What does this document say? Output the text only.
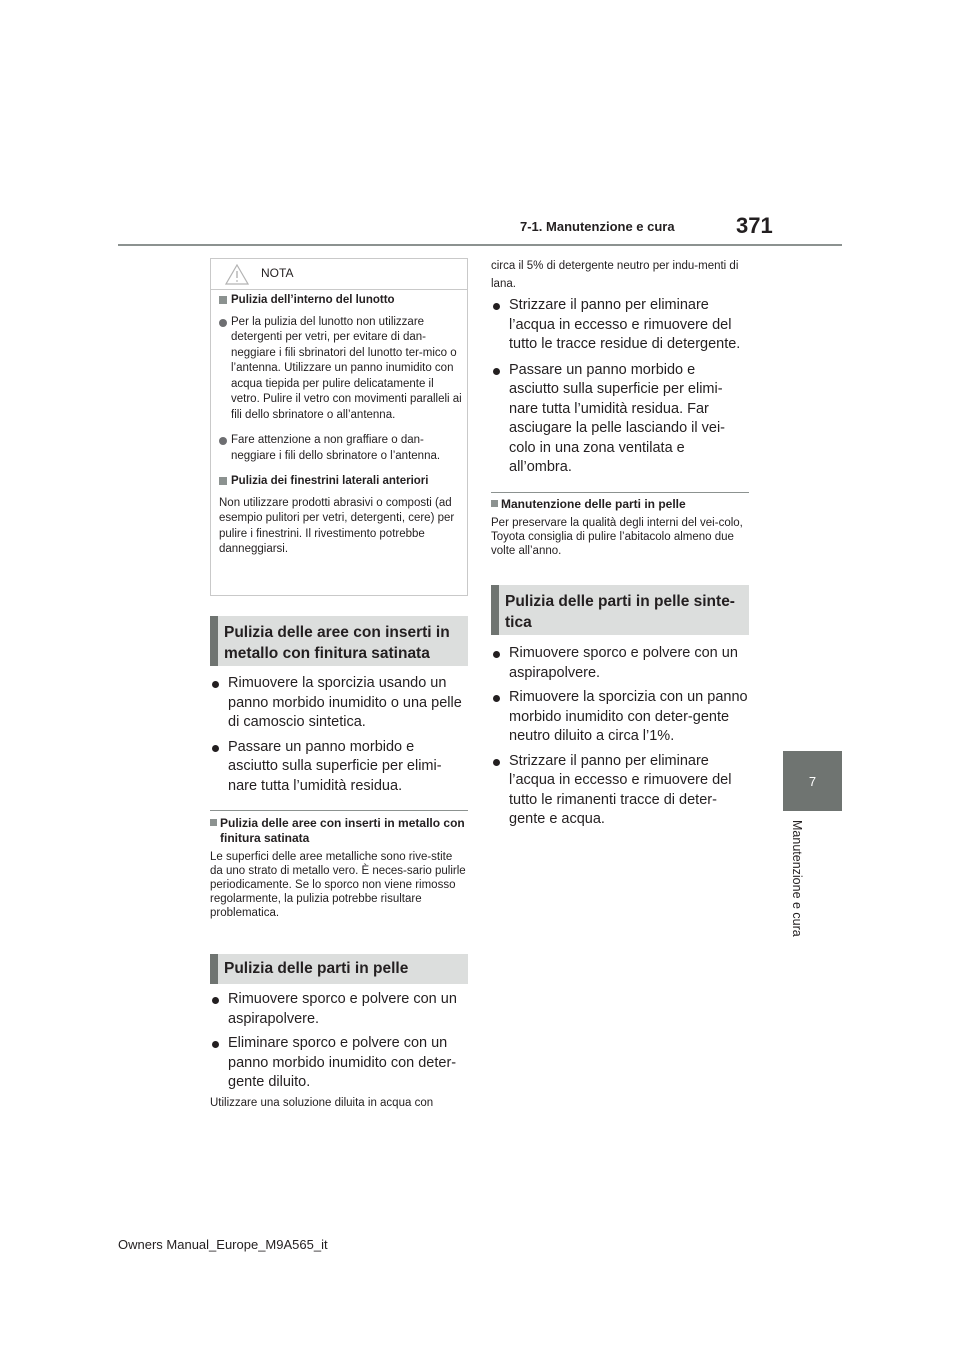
7-1. Manutenzione e cura	371
7
Manutenzione e cura
NOTA

Pulizia dell’interno del lunotto

Per la pulizia del lunotto non utilizzare detergenti per vetri, per evitare di dan-neggiare i fili sbrinatori del lunotto ter-mico o l’antenna. Utilizzare un panno inumidito con acqua tiepida per pulire delicatamente il vetro. Pulire il vetro con movimenti paralleli ai fili dello sbrinatore o all’antenna.

Fare attenzione a non graffiare o dan-neggiare i fili dello sbrinatore o l’antenna.

Pulizia dei finestrini laterali anteriori

Non utilizzare prodotti abrasivi o composti (ad esempio pulitori per vetri, detergenti, cere) per pulire i finestrini. Il rivestimento potrebbe danneggiarsi.

Pulizia delle aree con inserti in metallo con finitura satinata

Rimuovere la sporcizia usando un panno morbido inumidito o una pelle di camoscio sintetica.

Passare un panno morbido e asciutto sulla superficie per elimi-nare tutta l’umidità residua.

Pulizia delle aree con inserti in metallo con finitura satinata
Le superfici delle aree metalliche sono rive-stite da uno strato di metallo vero. È neces-sario pulirle periodicamente. Se lo sporco non viene rimosso regolarmente, la pulizia potrebbe risultare problematica.
Pulizia delle parti in pelle

Rimuovere sporco e polvere con un aspirapolvere.

Eliminare sporco e polvere con un panno morbido inumidito con deter-gente diluito.

Utilizzare una soluzione diluita in acqua con
circa il 5% di detergente neutro per indu-menti di lana.

Strizzare il panno per eliminare l’acqua in eccesso e rimuovere del tutto le tracce residue di detergente.

Passare un panno morbido e asciutto sulla superficie per elimi-nare tutta l’umidità residua. Far asciugare la pelle lasciando il vei-colo in una zona ventilata e all’ombra.

Manutenzione delle parti in pelle
Per preservare la qualità degli interni del vei-colo, Toyota consiglia di pulire l’abitacolo almeno due volte all’anno.
Pulizia delle parti in pelle sinte-tica

Rimuovere sporco e polvere con un aspirapolvere.

Rimuovere la sporcizia con un panno morbido inumidito con deter-gente neutro diluito a circa l’1%.

Strizzare il panno per eliminare l’acqua in eccesso e rimuovere del tutto le rimanenti tracce di deter-gente e acqua.

Owners Manual_Europe_M9A565_it
